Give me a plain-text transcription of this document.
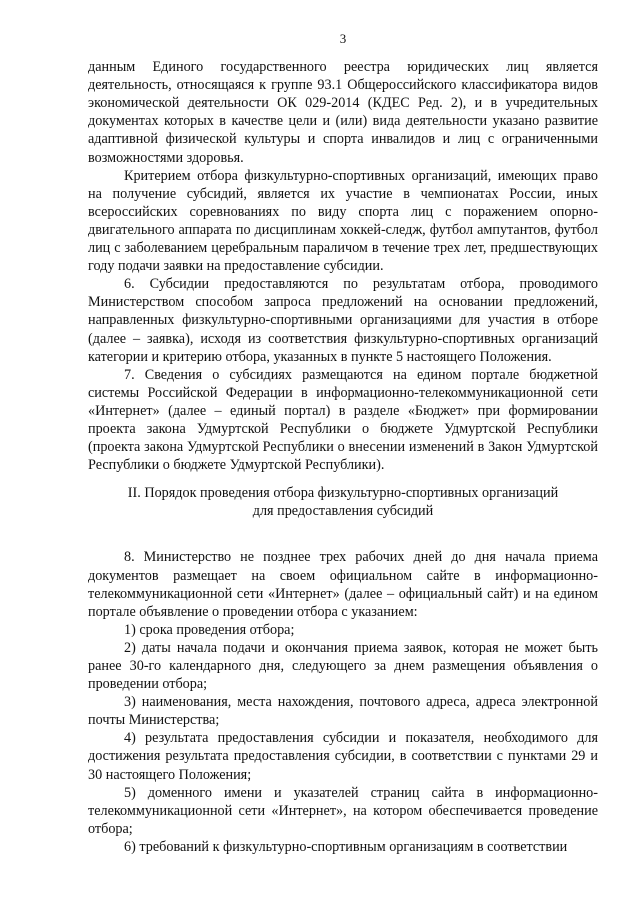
3

данным Единого государственного реестра юридических лиц является деятельность, относящаяся к группе 93.1 Общероссийского классификатора видов экономической деятельности ОК 029-2014 (КДЕС Ред. 2), и в учредительных документах которых в качестве цели и (или) вида деятельности указано развитие адаптивной физической культуры и спорта инвалидов и лиц с ограниченными возможностями здоровья.

Критерием отбора физкультурно-спортивных организаций, имеющих право на получение субсидий, является их участие в чемпионатах России, иных всероссийских соревнованиях по виду спорта лиц с поражением опорно-двигательного аппарата по дисциплинам хоккей-следж, футбол ампутантов, футбол лиц с заболеванием церебральным параличом в течение трех лет, предшествующих году подачи заявки на предоставление субсидии.

6. Субсидии предоставляются по результатам отбора, проводимого Министерством способом запроса предложений на основании предложений, направленных физкультурно-спортивными организациями для участия в отборе (далее – заявка), исходя из соответствия физкультурно-спортивных организаций категории и критерию отбора, указанных в пункте 5 настоящего Положения.

7. Сведения о субсидиях размещаются на едином портале бюджетной системы Российской Федерации в информационно-телекоммуникационной сети «Интернет» (далее – единый портал) в разделе «Бюджет» при формировании проекта закона Удмуртской Республики о бюджете Удмуртской Республики (проекта закона Удмуртской Республики о внесении изменений в Закон Удмуртской Республики о бюджете Удмуртской Республики).

II. Порядок проведения отбора физкультурно-спортивных организаций
для предоставления субсидий

8. Министерство не позднее трех рабочих дней до дня начала приема документов размещает на своем официальном сайте в информационно-телекоммуникационной сети «Интернет» (далее – официальный сайт) и на едином портале объявление о проведении отбора с указанием:

1) срока проведения отбора;

2) даты начала подачи и окончания приема заявок, которая не может быть ранее 30-го календарного дня, следующего за днем размещения объявления о проведении отбора;

3) наименования, места нахождения, почтового адреса, адреса электронной почты Министерства;

4) результата предоставления субсидии и показателя, необходимого для достижения результата предоставления субсидии, в соответствии с пунктами 29 и 30 настоящего Положения;

5) доменного имени и указателей страниц сайта в информационно-телекоммуникационной сети «Интернет», на котором обеспечивается проведение отбора;

6) требований к физкультурно-спортивным организациям в соответствии
